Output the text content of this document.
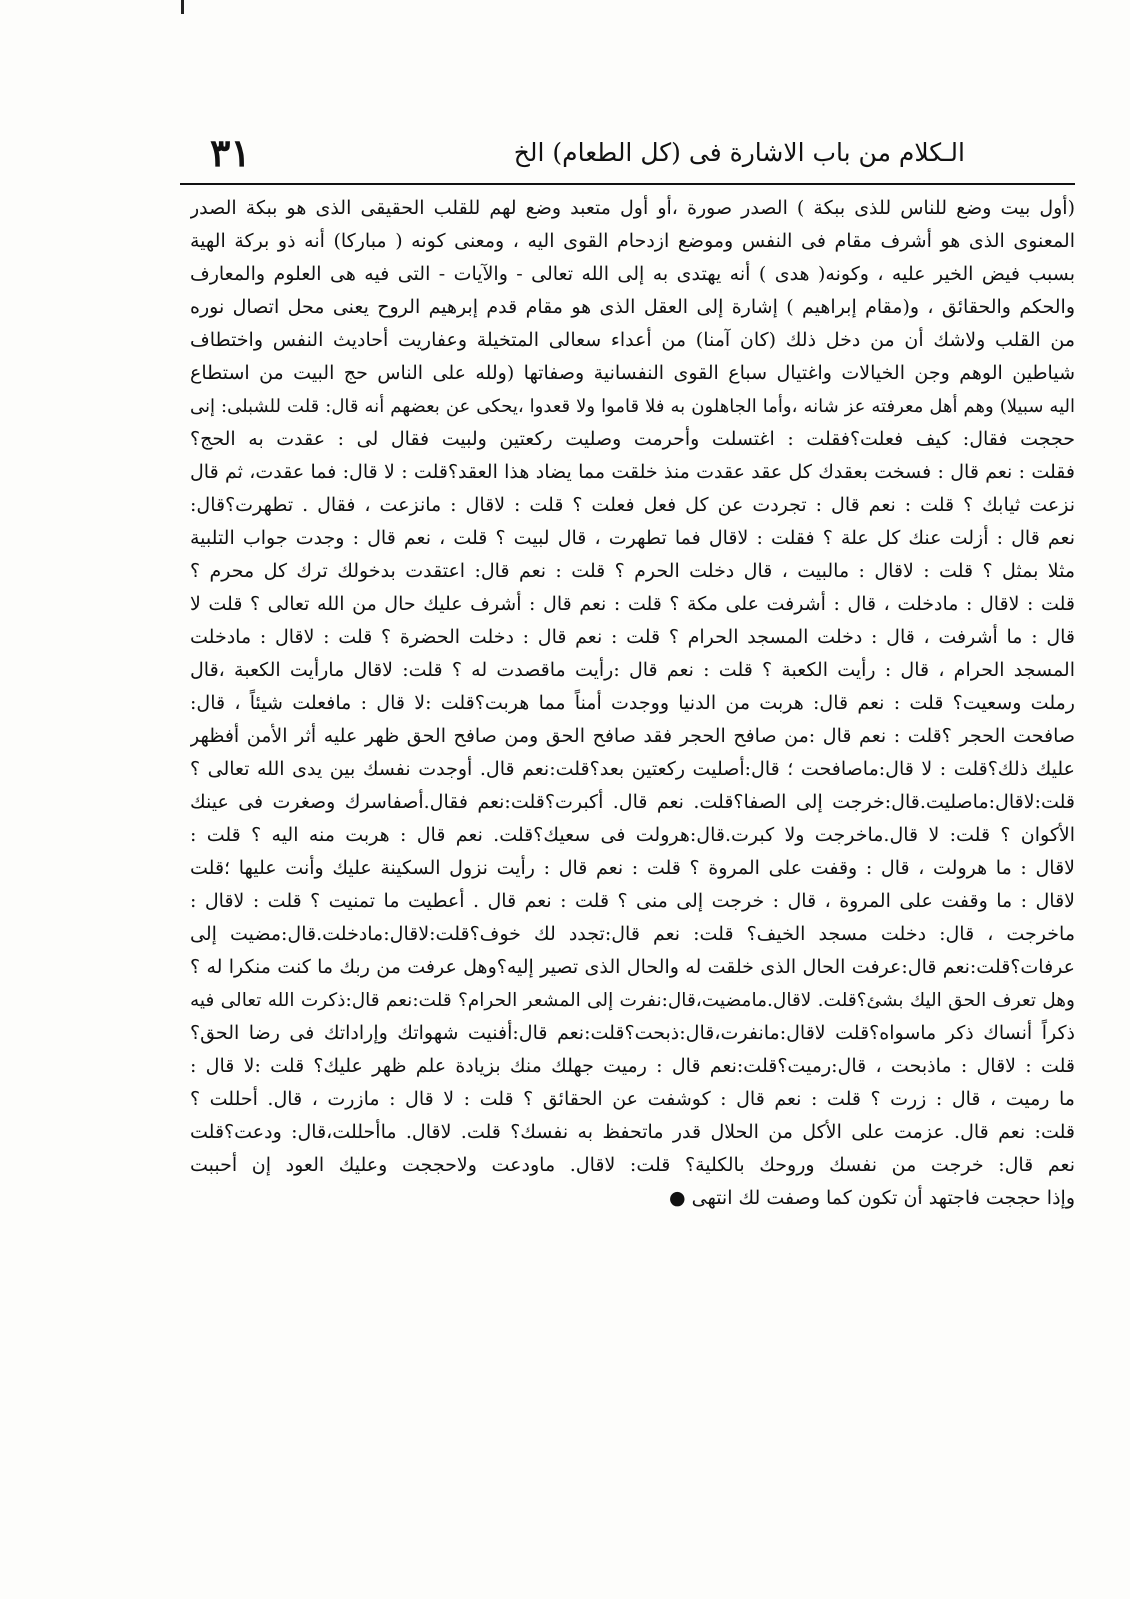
الـكلام من باب الاشارة فى (كل الطعام) الخ
٣١
(أول بيت وضع للناس للذى ببكة ) الصدر صورة ،أو أول متعبد وضع لهم للقلب الحقيقى الذى هو ببكة الصدر
المعنوى الذى هو أشرف مقام فى النفس وموضع ازدحام القوى اليه ، ومعنى كونه ( مباركا) أنه ذو بركة الهية
بسبب فيض الخير عليه ، وكونه( هدى ) أنه يهتدى به إلى الله تعالى - والآيات - التى فيه هى العلوم والمعارف
والحكم والحقائق ، و(مقام إبراهيم ) إشارة إلى العقل الذى هو مقام قدم إبرهيم الروح يعنى محل اتصال نوره
من القلب ولاشك أن من دخل ذلك (كان آمنا) من أعداء سعالى المتخيلة وعفاريت أحاديث النفس واختطاف
شياطين الوهم وجن الخيالات واغتيال سباع القوى النفسانية وصفاتها (ولله على الناس حج البيت من استطاع
اليه سبيلا) وهم أهل معرفته عز شانه ،وأما الجاهلون به فلا قاموا ولا قعدوا ،يحكى عن بعضهم أنه قال: قلت للشبلى: إنى
حججت فقال: كيف فعلت؟فقلت : اغتسلت وأحرمت وصليت ركعتين ولبيت فقال لى : عقدت به الحج؟
فقلت : نعم قال : فسخت بعقدك كل عقد عقدت منذ خلقت مما يضاد هذا العقد؟قلت : لا قال: فما عقدت، ثم قال
نزعت ثيابك ؟ قلت : نعم قال : تجردت عن كل فعل فعلت ؟ قلت : لاقال : مانزعت ، فقال . تطهرت؟قال:
نعم قال : أزلت عنك كل علة ؟ فقلت : لاقال فما تطهرت ، قال لبيت ؟ قلت ، نعم قال : وجدت جواب التلبية
مثلا بمثل ؟ قلت : لاقال : مالبيت ، قال دخلت الحرم ؟ قلت : نعم قال: اعتقدت بدخولك ترك كل محرم ؟
قلت : لاقال : مادخلت ، قال : أشرفت على مكة ؟ قلت : نعم قال : أشرف عليك حال من الله تعالى ؟ قلت لا
قال : ما أشرفت ، قال : دخلت المسجد الحرام ؟ قلت : نعم قال : دخلت الحضرة ؟ قلت : لاقال : مادخلت
المسجد الحرام ، قال : رأيت الكعبة ؟ قلت : نعم قال :رأيت ماقصدت له ؟ قلت: لاقال مارأيت الكعبة ،قال
رملت وسعيت؟ قلت : نعم قال: هربت من الدنيا ووجدت أمناً مما هربت؟قلت :لا قال : مافعلت شيئاً ، قال:
صافحت الحجر ؟قلت : نعم قال :من صافح الحجر فقد صافح الحق ومن صافح الحق ظهر عليه أثر الأمن أفظهر
عليك ذلك؟قلت : لا قال:ماصافحت ؛ قال:أصليت ركعتين بعد؟قلت:نعم قال. أوجدت نفسك بين يدى الله تعالى ؟
قلت:لاقال:ماصليت.قال:خرجت إلى الصفا؟قلت. نعم قال. أكبرت؟قلت:نعم فقال.أصفاسرك وصغرت فى عينك
الأكوان ؟ قلت: لا قال.ماخرجت ولا كبرت.قال:هرولت فى سعيك؟قلت. نعم قال : هربت منه اليه ؟ قلت :
لاقال : ما هرولت ، قال : وقفت على المروة ؟ قلت : نعم قال : رأيت نزول السكينة عليك وأنت عليها ؛قلت
لاقال : ما وقفت على المروة ، قال : خرجت إلى منى ؟ قلت : نعم قال . أعطيت ما تمنيت ؟ قلت : لاقال :
ماخرجت ، قال: دخلت مسجد الخيف؟ قلت: نعم قال:تجدد لك خوف؟قلت:لاقال:مادخلت.قال:مضيت إلى
عرفات؟قلت:نعم قال:عرفت الحال الذى خلقت له والحال الذى تصير إليه؟وهل عرفت من ربك ما كنت منكرا له ؟
وهل تعرف الحق اليك بشئ؟قلت. لاقال.مامضيت،قال:نفرت إلى المشعر الحرام؟ قلت:نعم قال:ذكرت الله تعالى فيه
ذكراً أنساك ذكر ماسواه؟قلت لاقال:مانفرت،قال:ذبحت؟قلت:نعم قال:أفنيت شهواتك وإراداتك فى رضا الحق؟
قلت : لاقال : ماذبحت ، قال:رميت؟قلت:نعم قال : رميت جهلك منك بزيادة علم ظهر عليك؟ قلت :لا قال :
ما رميت ، قال : زرت ؟ قلت : نعم قال : كوشفت عن الحقائق ؟ قلت : لا قال : مازرت ، قال. أحللت ؟
قلت: نعم قال. عزمت على الأكل من الحلال قدر ماتحفظ به نفسك؟ قلت. لاقال. ماأحللت،قال: ودعت؟قلت
نعم قال: خرجت من نفسك وروحك بالكلية؟ قلت: لاقال. ماودعت ولاحججت وعليك العود إن أحببت
وإذا حججت فاجتهد أن تكون كما وصفت لك انتهى ●
